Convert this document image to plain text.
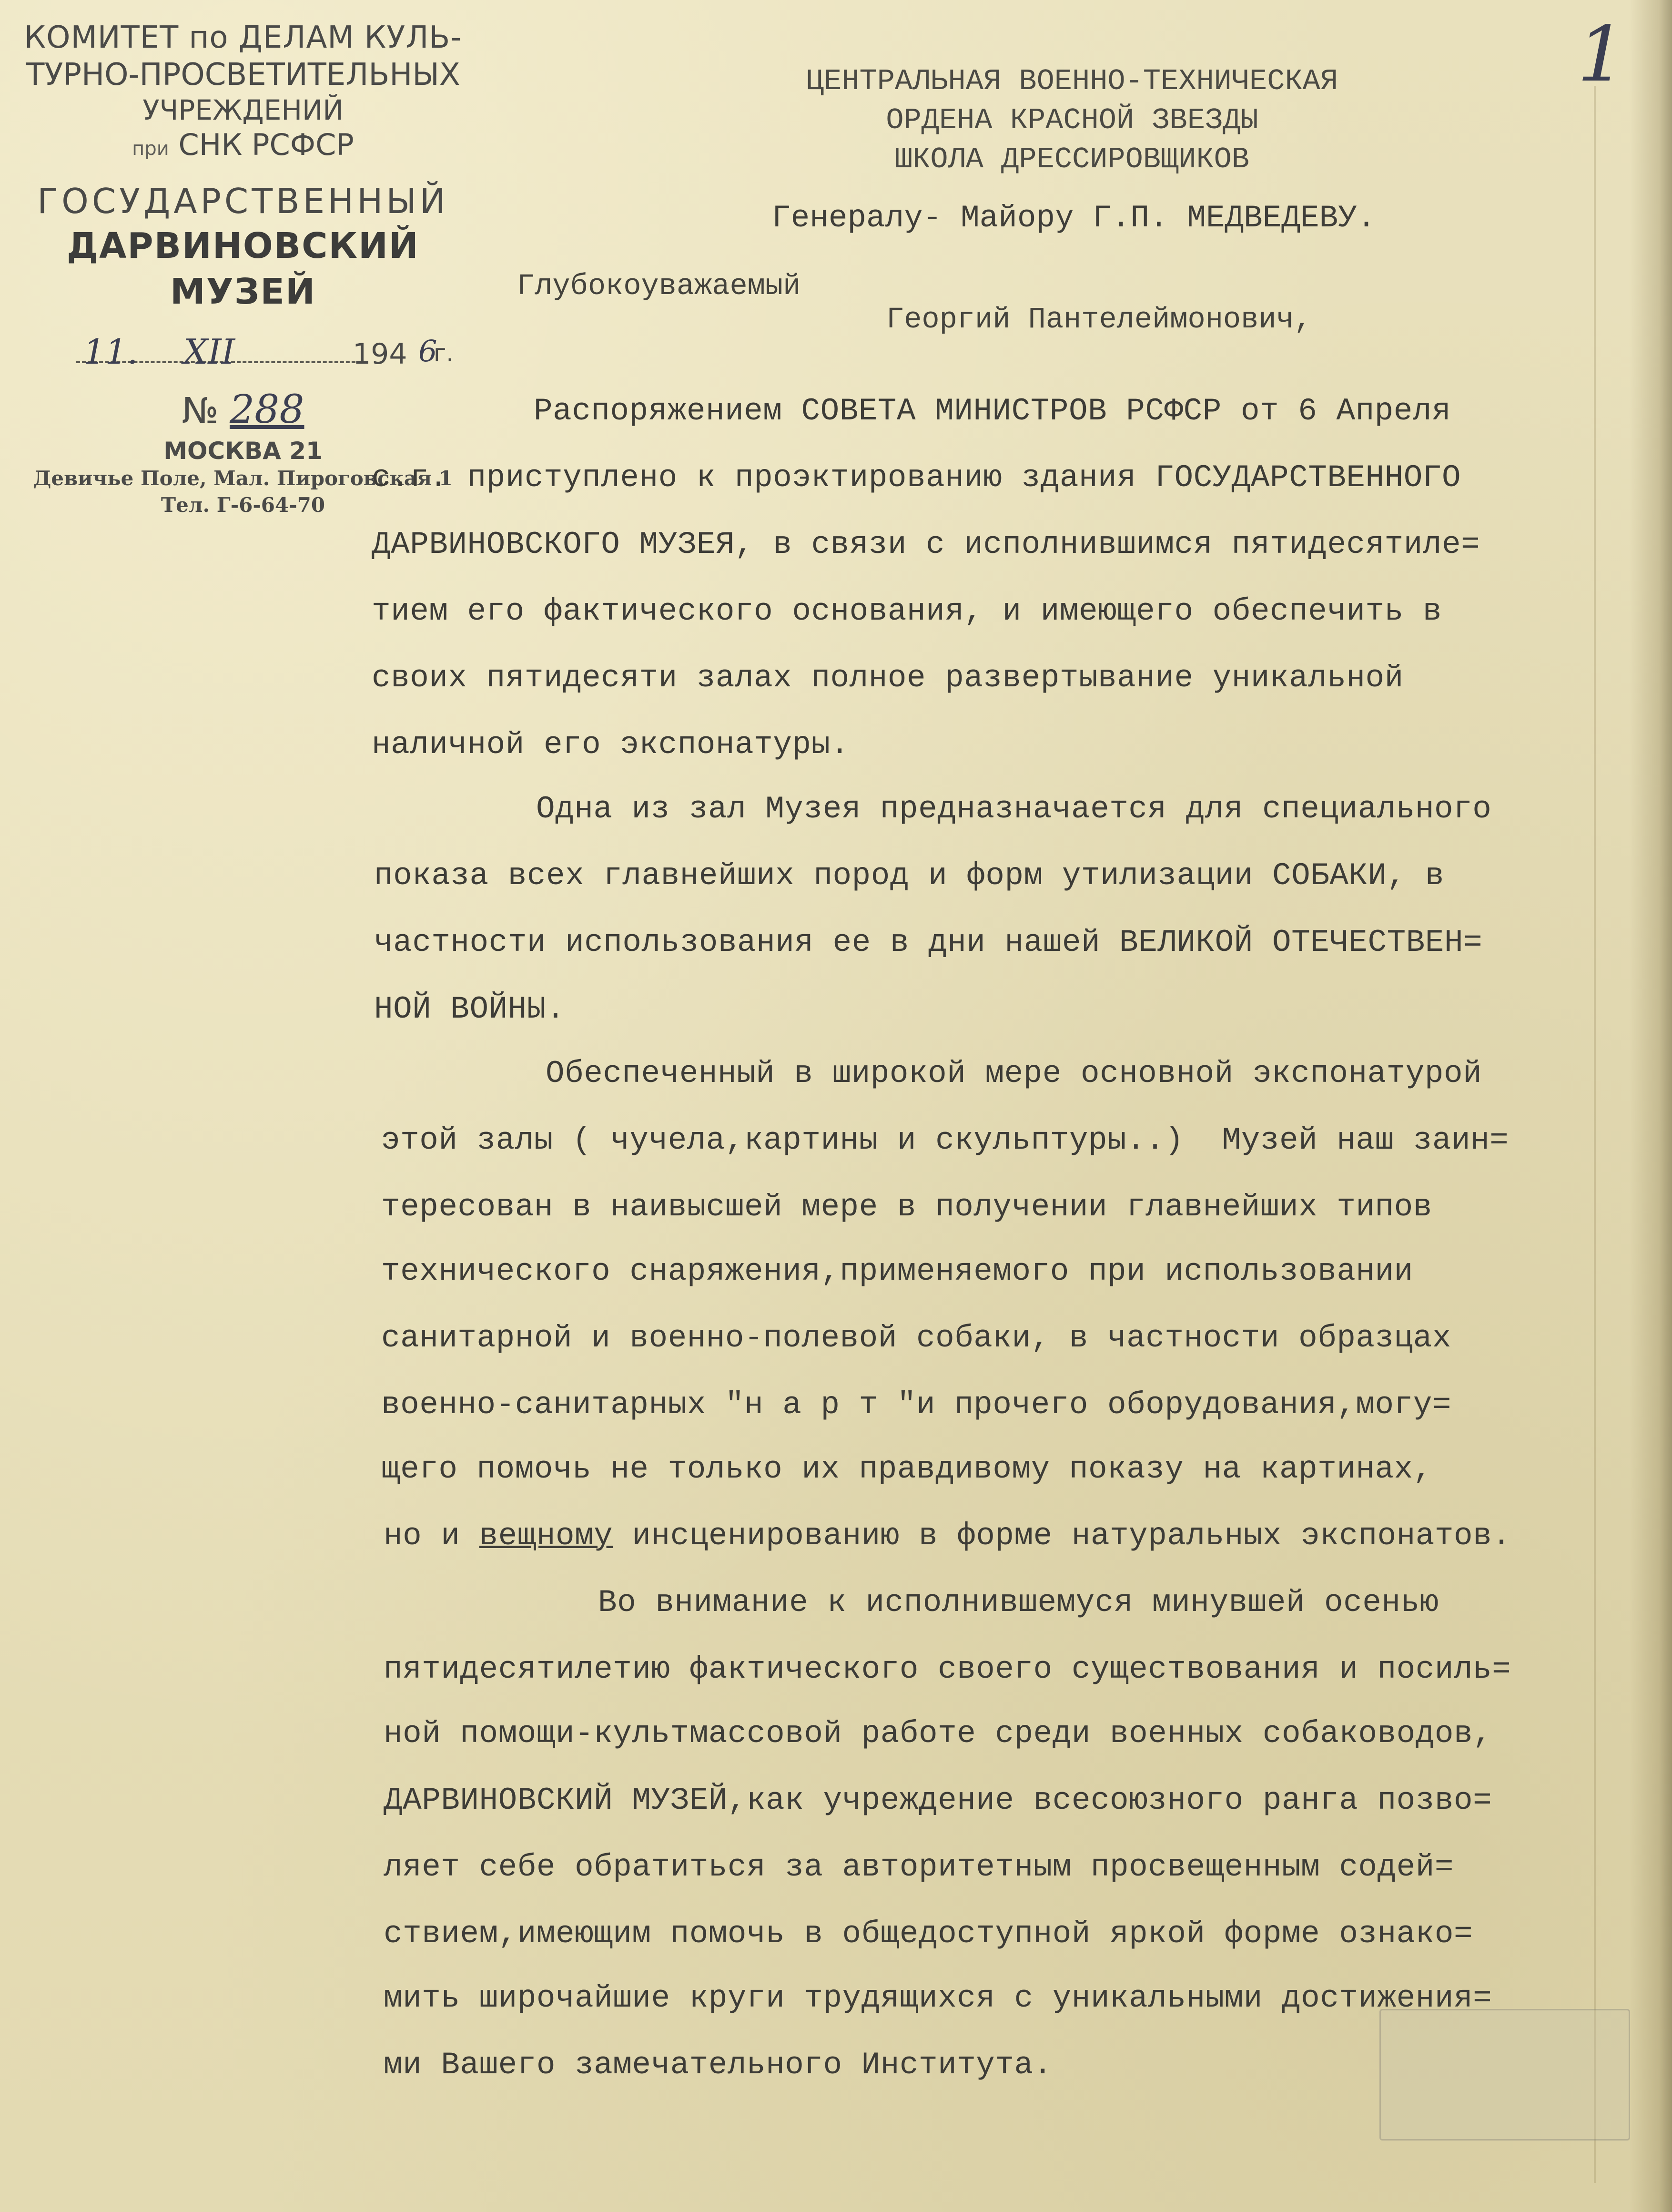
КОМИТЕТ по ДЕЛАМ КУЛЬ-
ТУРНО-ПРОСВЕТИТЕЛЬНЫХ
УЧРЕЖДЕНИЙ
при СНК РСФСР
ГОСУДАРСТВЕННЫЙ
ДАРВИНОВСКИЙ МУЗЕЙ
11. XII	194 6
г.
№ 288
МОСКВА 21
Девичье Поле, Мал. Пироговская 1
Тел. Г-6-64-70
1
ЦЕНТРАЛЬНАЯ ВОЕННО-ТЕХНИЧЕСКАЯ
ОРДЕНА КРАСНОЙ ЗВЕЗДЫ
ШКОЛА ДРЕССИРОВЩИКОВ
Генералу- Майору Г.П. МЕДВЕДЕВУ.
Глубокоуважаемый
Георгий Пантелеймонович,
Распоряжением СОВЕТА МИНИСТРОВ РСФСР от 6 Апреля
с.г. приступлено к проэктированию здания ГОСУДАРСТВЕННОГО
ДАРВИНОВСКОГО МУЗЕЯ, в связи с исполнившимся пятидесятиле=
тием его фактического основания, и имеющего обеспечить в
своих пятидесяти залах полное развертывание уникальной
наличной его экспонатуры.
Одна из зал Музея предназначается для специального
показа всех главнейших пород и форм утилизации СОБАКИ, в
частности использования ее в дни нашей ВЕЛИКОЙ ОТЕЧЕСТВЕН=
НОЙ ВОЙНЫ.
Обеспеченный в широкой мере основной экспонатурой
этой залы ( чучела,картины и скульптуры..)  Музей наш заин=
тересован в наивысшей мере в получении главнейших типов
технического снаряжения,применяемого при использовании
санитарной и военно-полевой собаки, в частности образцах
военно-санитарных "н а р т "и прочего оборудования,могу=
щего помочь не только их правдивому показу на картинах,
но и вещному инсценированию в форме натуральных экспонатов.
Во внимание к исполнившемуся минувшей осенью
пятидесятилетию фактического своего существования и посиль=
ной помощи-культмассовой работе среди военных собаководов,
ДАРВИНОВСКИЙ МУЗЕЙ,как учреждение всесоюзного ранга позво=
ляет себе обратиться за авторитетным просвещенным содей=
ствием,имеющим помочь в общедоступной яркой форме ознако=
мить широчайшие круги трудящихся с уникальными достижения=
ми Вашего замечательного Института.
